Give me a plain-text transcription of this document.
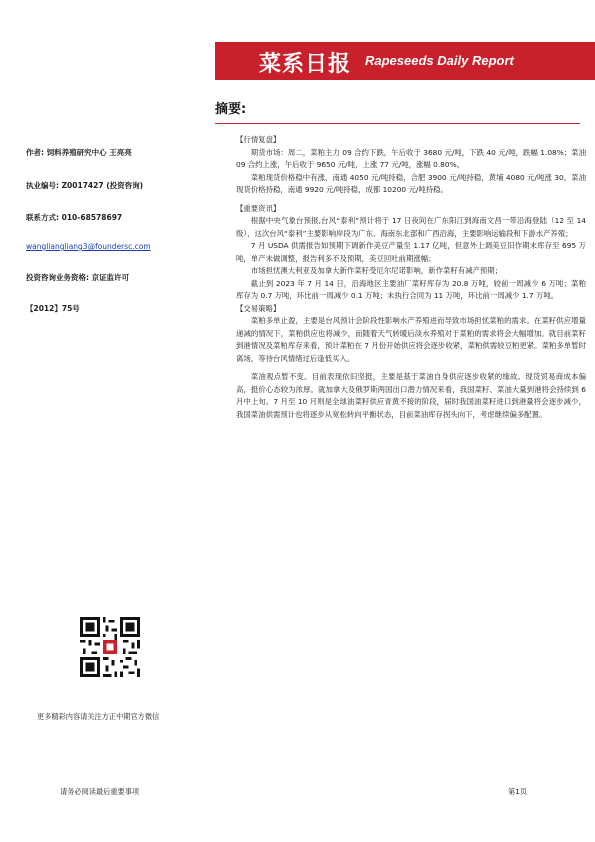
菜系日报 Rapeseeds Daily Report
摘要:
作者: 饲料养殖研究中心 王亮亮
执业编号: Z0017427 (投资咨询)
联系方式: 010-68578697
wangliangliang3@foundersc.com
投资咨询业务资格: 京证监许可
【2012】75号
【行情复盘】

期货市场：周二，菜粕主力 09 合约下跌，午后收于 3680 元/吨，下跌 40 元/吨，跌幅 1.08%；菜油 09 合约上涨，午后收于 9650 元/吨，上涨 77 元/吨，涨幅 0.80%。

菜粕现货价格稳中有涨，南通 4050 元/吨持稳，合肥 3900 元/吨持稳，黄埔 4080 元/吨涨 30。菜油现货价格持稳，南通 9920 元/吨持稳，成都 10200 元/吨持稳。

【重要资讯】

根据中央气象台预报,台风“泰利”预计将于 17 日夜间在广东阳江到海南文昌一带沿海登陆（12 至 14 级），这次台风“泰利”主要影响岸段为广东、海南东北部和广西沿海，主要影响运输段和下游水产养殖；

7 月 USDA 供需报告如预期下调新作美豆产量至 1.17 亿吨，但意外上调美豆旧作期末库存至 695 万吨，单产未做调整，报告利多不及预期，美豆回吐前期涨幅；

市场担忧澳大利亚及加拿大新作菜籽受厄尔尼诺影响，新作菜籽有减产预期；

截止到 2023 年 7 月 14 日，沿海地区主要油厂菜籽库存为 20.8 万吨，较前一周减少 6 万吨；菜粕库存为 0.7 万吨，环比前一周减少 0.1 万吨；未执行合同为 11 万吨，环比前一周减少 1.7 万吨。

【交易策略】

菜粕多单止盈，主要是台风预计会阶段性影响水产养殖进而导致市场担忧菜粕的需求。在菜籽供应增量递减的情况下，菜粕供应也将减少，而随着天气转暖后淡水养殖对于菜粕的需求将会大幅增加。就目前菜籽到港情况及菜粕库存来看，预计菜粕在 7 月份开始供应将会逐步收紧，菜粕供需较豆粕更紧。菜粕多单暂时离场，等待台风情绪过后逢低买入。

菜油观点暂不变。目前表现依旧坚挺，主要是基于菜油自身供应逐步收紧的缘故。现货贸易商成本偏高，挺价心态较为浓厚。就加拿大及俄罗斯两国出口潜力情况来看，我国菜籽、菜油大量到港将会持续到 6 月中上旬。7 月至 10 月则是全球油菜籽供应青黄不接的阶段，届时我国油菜籽进口到港量将会逐步减少，我国菜油供需预计也将逐步从宽松转向平衡状态，目前菜油库存拐头向下，考虑继续偏多配置。

更多精彩内容请关注方正中期官方微信
请务必阅读最后重要事项	第1页
